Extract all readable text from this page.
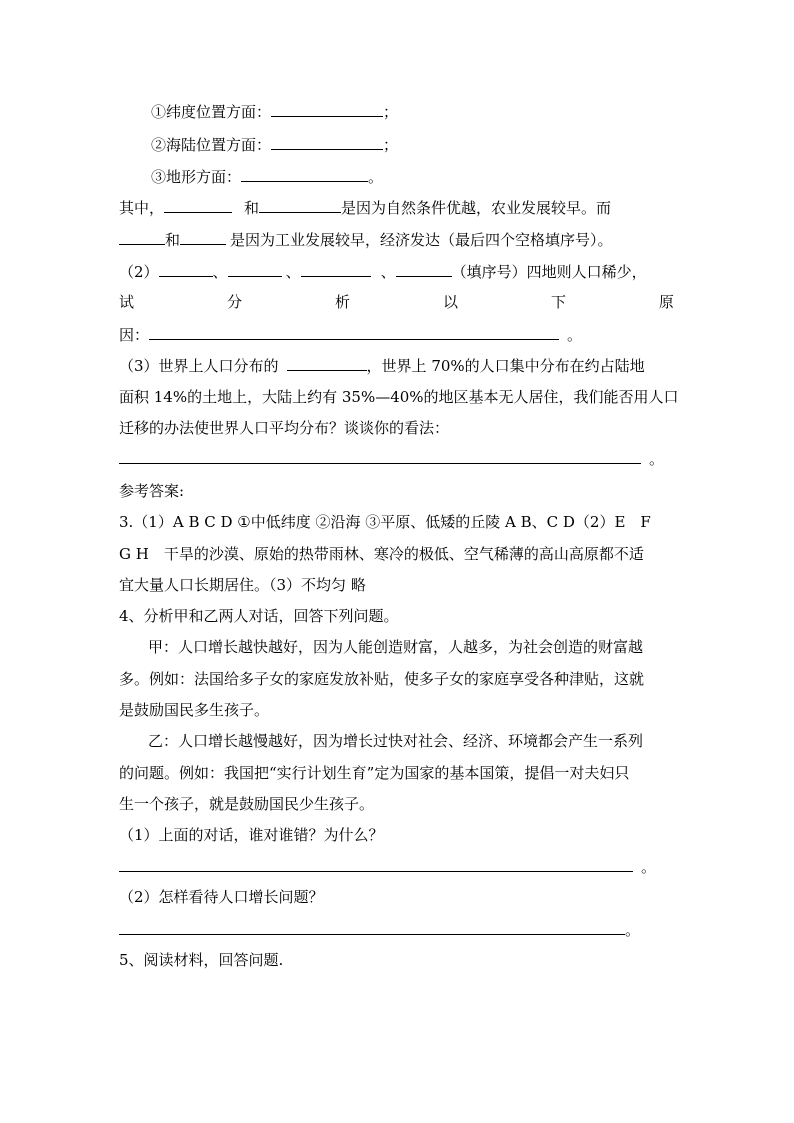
①纬度位置方面：	；
②海陆位置方面：	；
③地形方面：	。
其中，	和	是因为自然条件优越，农业发展较早。而
和	是因为工业发展较早，经济发达（最后四个空格填序号）。
（2）	、	、	、	（填序号）四地则人口稀少，
试	分	析	以	下	原
因：	。
（3）世界上人口分布的	，世界上 70%的人口集中分布在约占陆地
面积 14%的土地上，大陆上约有 35%—40%的地区基本无人居住，我们能否用人口
迁移的办法使世界人口平均分布？谈谈你的看法：
。
参考答案:
3.（1）A B C D ①中低纬度 ②沿海 ③平原、低矮的丘陵 A B、C D（2）E　F
G H　干旱的沙漠、原始的热带雨林、寒冷的极低、空气稀薄的高山高原都不适
宜大量人口长期居住。（3）不均匀 略
4、分析甲和乙两人对话，回答下列问题。
甲：人口增长越快越好，因为人能创造财富，人越多，为社会创造的财富越
多。例如：法国给多子女的家庭发放补贴，使多子女的家庭享受各种津贴，这就
是鼓励国民多生孩子。
乙：人口增长越慢越好，因为增长过快对社会、经济、环境都会产生一系列
的问题。例如：我国把“实行计划生育”定为国家的基本国策，提倡一对夫妇只
生一个孩子，就是鼓励国民少生孩子。
（1）上面的对话，谁对谁错？为什么？
。
（2）怎样看待人口增长问题？
。
5、阅读材料，回答问题.
